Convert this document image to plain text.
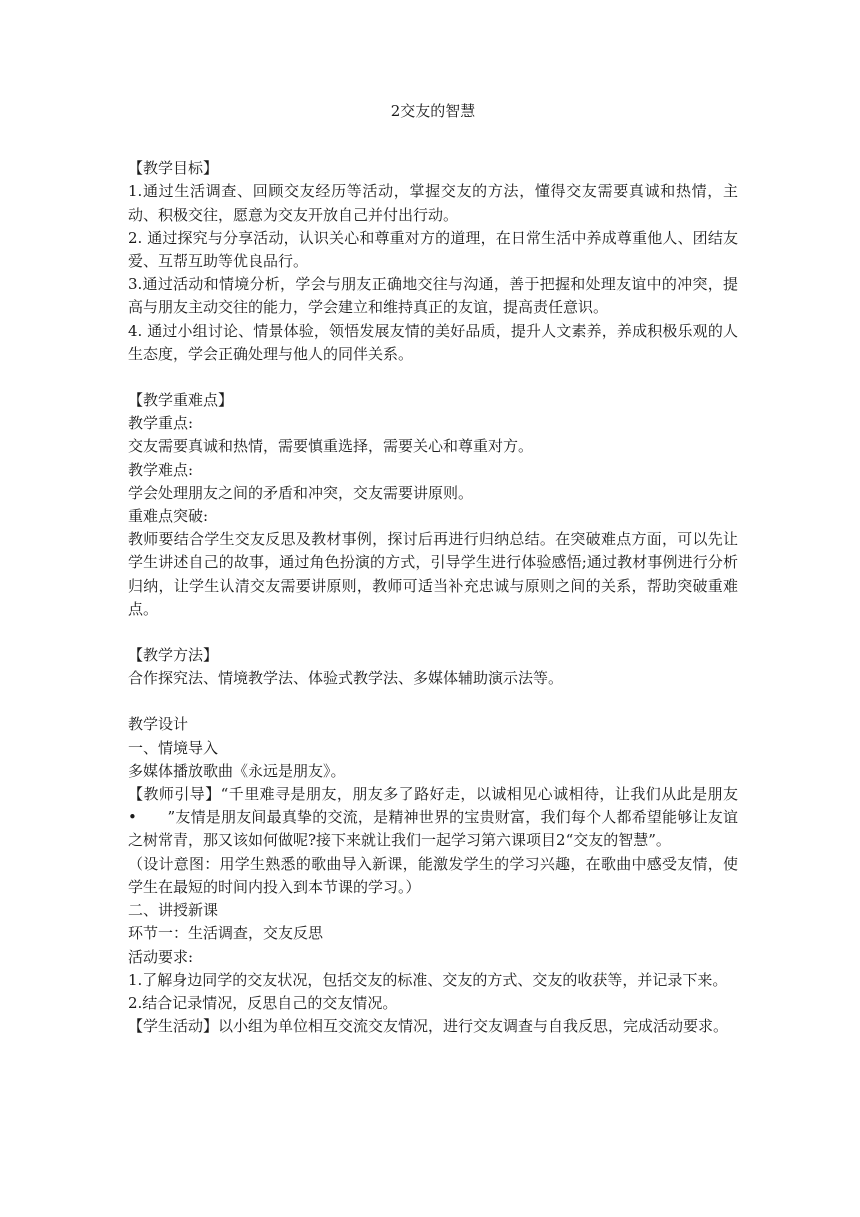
2交友的智慧

【教学目标】

1.通过生活调查、回顾交友经历等活动，掌握交友的方法，懂得交友需要真诚和热情，主动、积极交往，愿意为交友开放自己并付出行动。

2. 通过探究与分享活动，认识关心和尊重对方的道理，在日常生活中养成尊重他人、团结友爱、互帮互助等优良品行。

3.通过活动和情境分析，学会与朋友正确地交往与沟通，善于把握和处理友谊中的冲突，提高与朋友主动交往的能力，学会建立和维持真正的友谊，提高责任意识。

4. 通过小组讨论、情景体验，领悟发展友情的美好品质，提升人文素养，养成积极乐观的人生态度，学会正确处理与他人的同伴关系。

【教学重难点】

教学重点:

交友需要真诚和热情，需要慎重选择，需要关心和尊重对方。

教学难点:

学会处理朋友之间的矛盾和冲突，交友需要讲原则。

重难点突破:

教师要结合学生交友反思及教材事例，探讨后再进行归纳总结。在突破难点方面，可以先让学生讲述自己的故事，通过角色扮演的方式，引导学生进行体验感悟;通过教材事例进行分析归纳，让学生认清交友需要讲原则，教师可适当补充忠诚与原则之间的关系，帮助突破重难点。

【教学方法】

合作探究法、情境教学法、体验式教学法、多媒体辅助演示法等。

教学设计

一、情境导入

多媒体播放歌曲《永远是朋友》。

【教师引导】“千里难寻是朋友，朋友多了路好走，以诚相见心诚相待，让我们从此是朋友 •　　”友情是朋友间最真挚的交流，是精神世界的宝贵财富，我们每个人都希望能够让友谊之树常青，那又该如何做呢?接下来就让我们一起学习第六课项目2“交友的智慧”。

（设计意图：用学生熟悉的歌曲导入新课，能激发学生的学习兴趣，在歌曲中感受友情，使学生在最短的时间内投入到本节课的学习。）

二、讲授新课

环节一：生活调查，交友反思

活动要求:

1.了解身边同学的交友状况，包括交友的标准、交友的方式、交友的收获等，并记录下来。

2.结合记录情况，反思自己的交友情况。

【学生活动】以小组为单位相互交流交友情况，进行交友调查与自我反思，完成活动要求。
